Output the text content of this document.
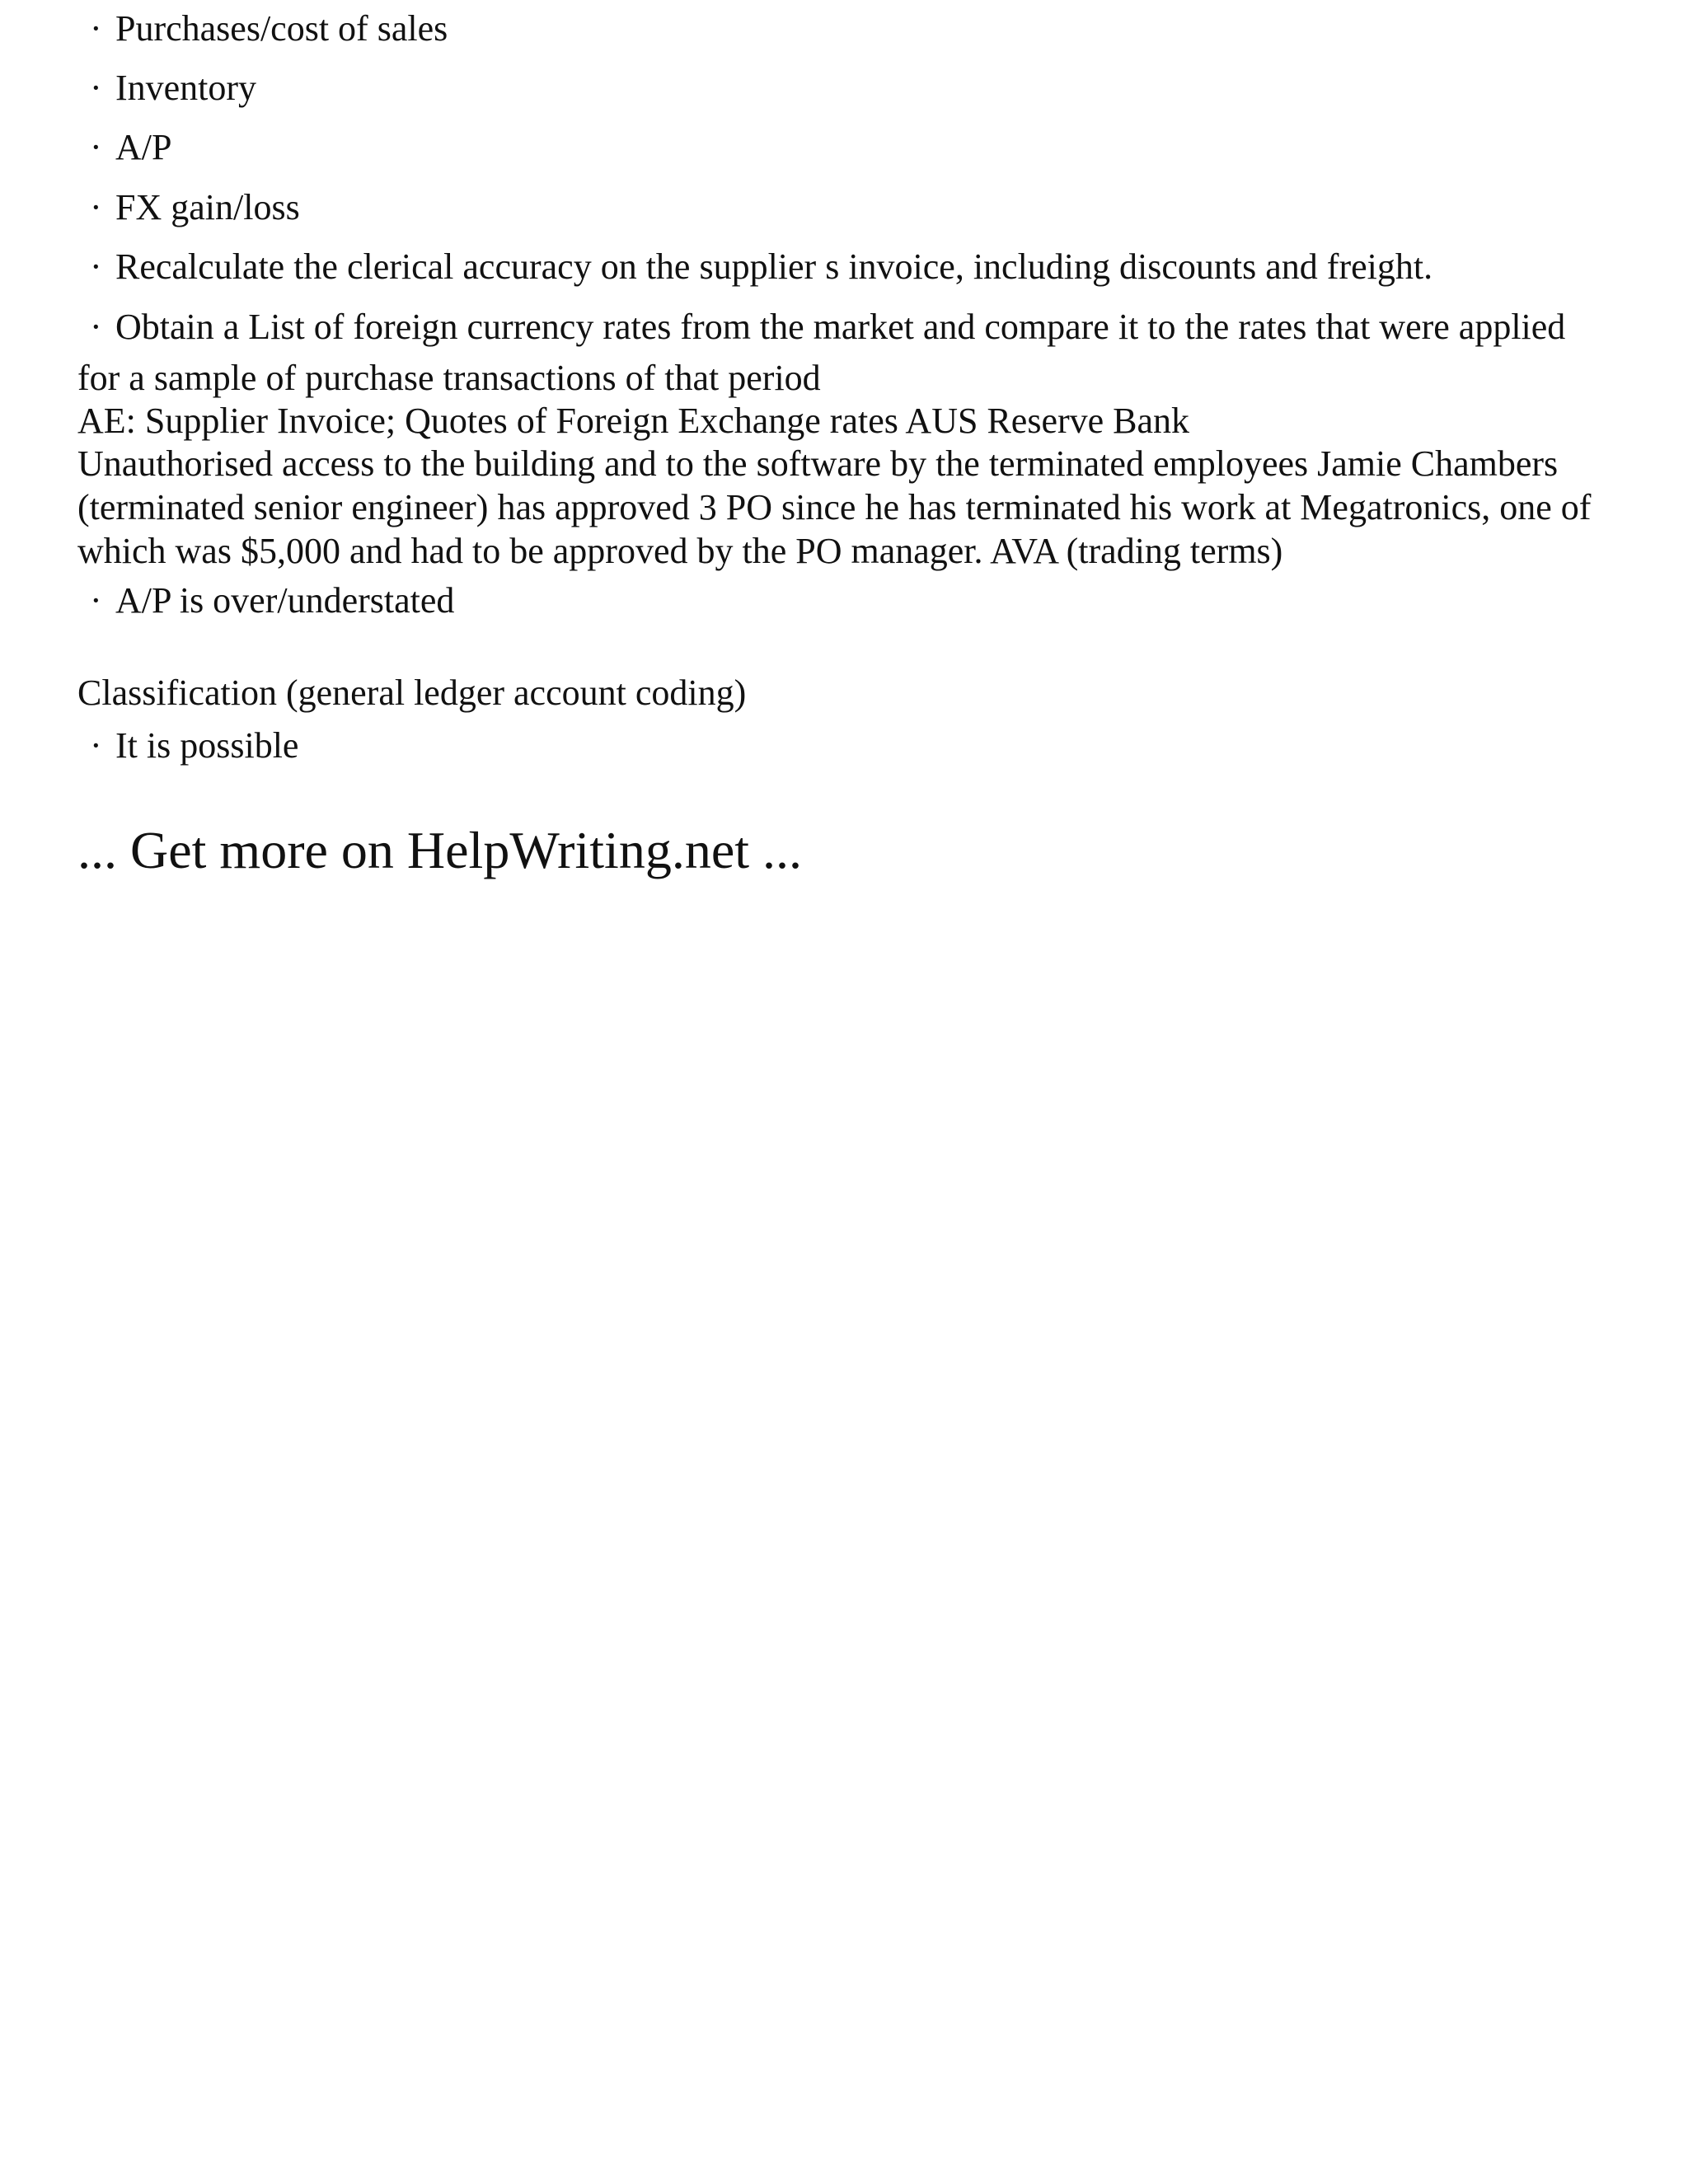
· Purchases/cost of sales

· Inventory

· A/P

· FX gain/loss

· Recalculate the clerical accuracy on the supplier s invoice, including discounts and freight.

· Obtain a List of foreign currency rates from the market and compare it to the rates that were applied

for a sample of purchase transactions of that period

AE: Supplier Invoice; Quotes of Foreign Exchange rates AUS Reserve Bank

Unauthorised access to the building and to the software by the terminated employees Jamie Chambers (terminated senior engineer) has approved 3 PO since he has terminated his work at Megatronics, one of which was $5,000 and had to be approved by the PO manager. AVA (trading terms)

· A/P is over/understated

Classification (general ledger account coding)

· It is possible

... Get more on HelpWriting.net ...
